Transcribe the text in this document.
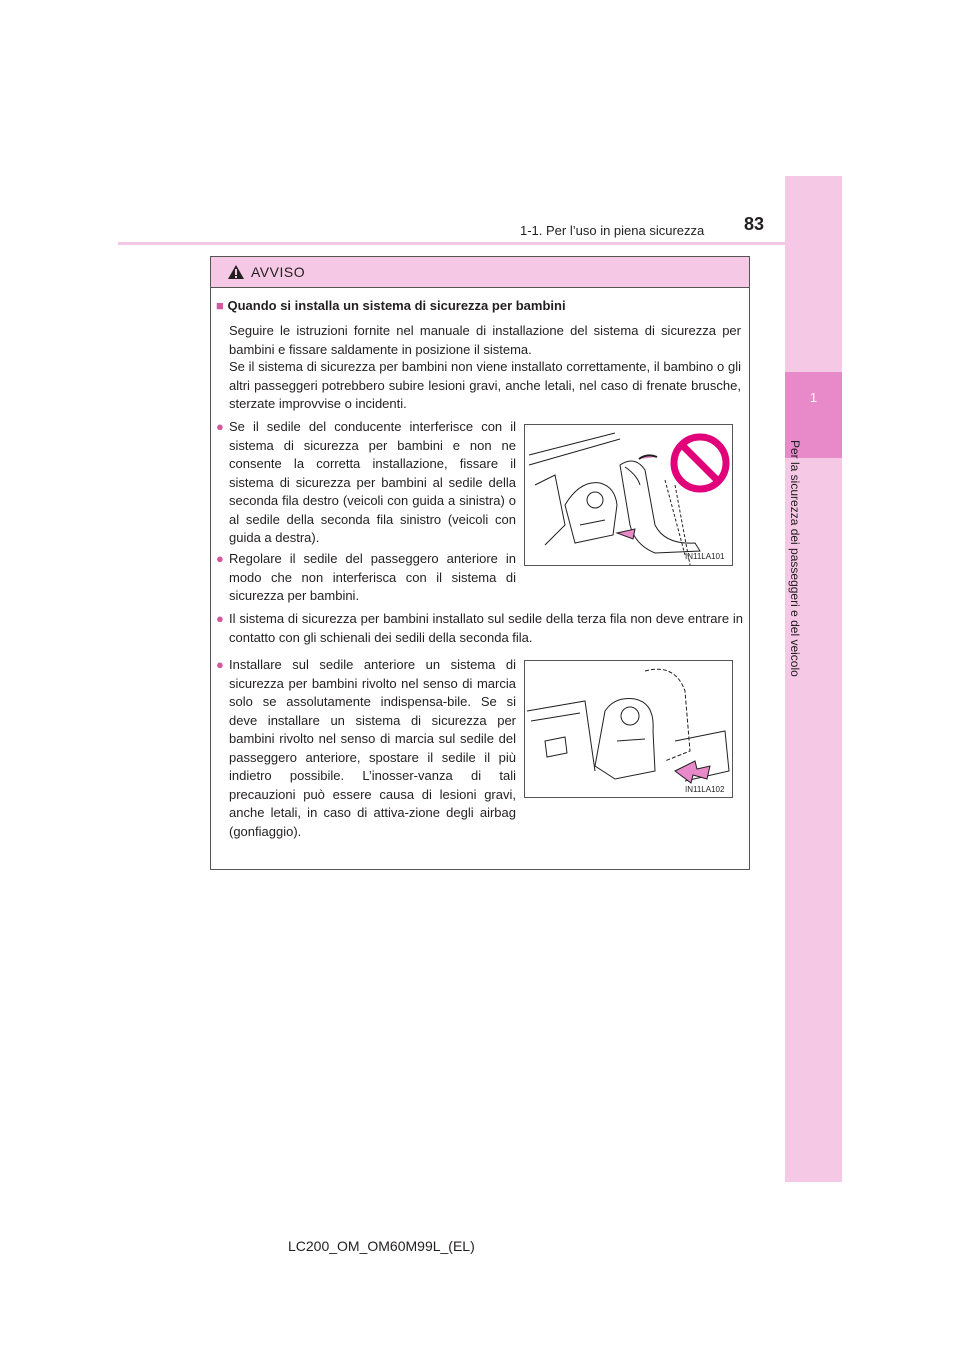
1
Per la sicurezza dei passeggeri e del veicolo
83
1-1. Per l’uso in piena sicurezza
AVVISO
■ Quando si installa un sistema di sicurezza per bambini
Seguire le istruzioni fornite nel manuale di installazione del sistema di sicurezza per bambini e fissare saldamente in posizione il sistema.
Se il sistema di sicurezza per bambini non viene installato correttamente, il bambino o gli altri passeggeri potrebbero subire lesioni gravi, anche letali, nel caso di frenate brusche, sterzate improvvise o incidenti.
● Se il sedile del conducente interferisce con il sistema di sicurezza per bambini e non ne consente la corretta installazione, fissare il sistema di sicurezza per bambini al sedile della seconda fila destro (veicoli con guida a sinistra) o al sedile della seconda fila sinistro (veicoli con guida a destra).
● Regolare il sedile del passeggero anteriore in modo che non interferisca con il sistema di sicurezza per bambini.
● Il sistema di sicurezza per bambini installato sul sedile della terza fila non deve entrare in contatto con gli schienali dei sedili della seconda fila.
● Installare sul sedile anteriore un sistema di sicurezza per bambini rivolto nel senso di marcia solo se assolutamente indispensa-bile. Se si deve installare un sistema di sicurezza per bambini rivolto nel senso di marcia sul sedile del passeggero anteriore, spostare il sedile il più indietro possibile. L’inosser-vanza di tali precauzioni può essere causa di lesioni gravi, anche letali, in caso di attiva-zione degli airbag (gonfiaggio).
IN11LA101
IN11LA102
LC200_OM_OM60M99L_(EL)
